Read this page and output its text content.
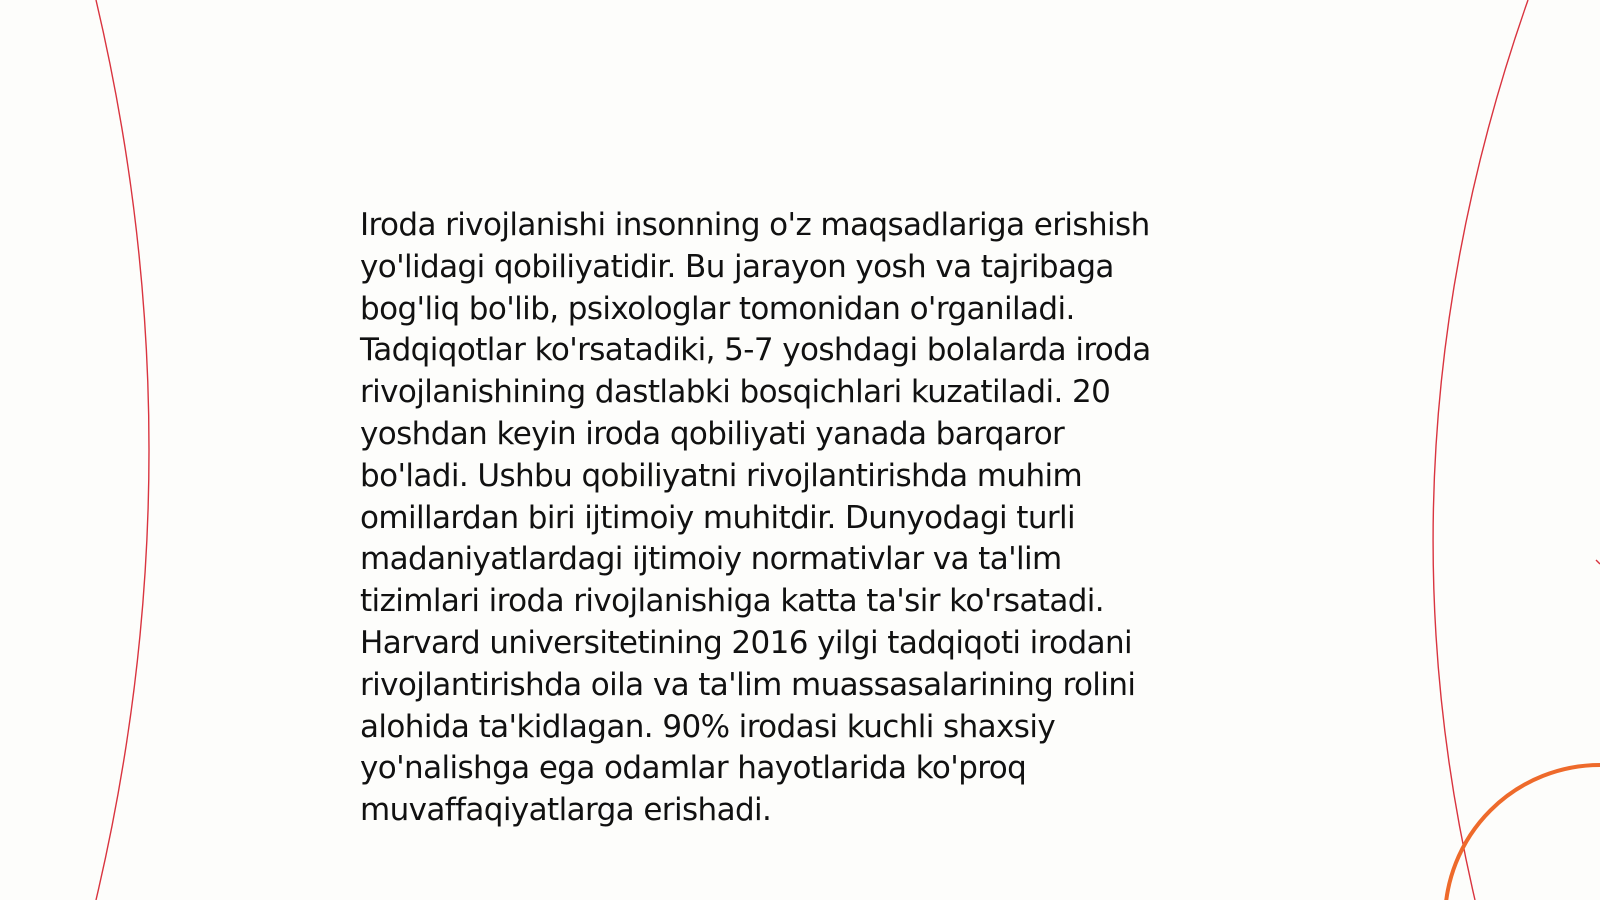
Iroda rivojlanishi insonning o'z maqsadlariga erishish
yo'lidagi qobiliyatidir. Bu jarayon yosh va tajribaga
bog'liq bo'lib, psixologlar tomonidan o'rganiladi.
Tadqiqotlar ko'rsatadiki, 5-7 yoshdagi bolalarda iroda
rivojlanishining dastlabki bosqichlari kuzatiladi. 20
yoshdan keyin iroda qobiliyati yanada barqaror
bo'ladi. Ushbu qobiliyatni rivojlantirishda muhim
omillardan biri ijtimoiy muhitdir. Dunyodagi turli
madaniyatlardagi ijtimoiy normativlar va ta'lim
tizimlari iroda rivojlanishiga katta ta'sir ko'rsatadi.
Harvard universitetining 2016 yilgi tadqiqoti irodani
rivojlantirishda oila va ta'lim muassasalarining rolini
alohida ta'kidlagan. 90% irodasi kuchli shaxsiy
yo'nalishga ega odamlar hayotlarida ko'proq
muvaffaqiyatlarga erishadi.
